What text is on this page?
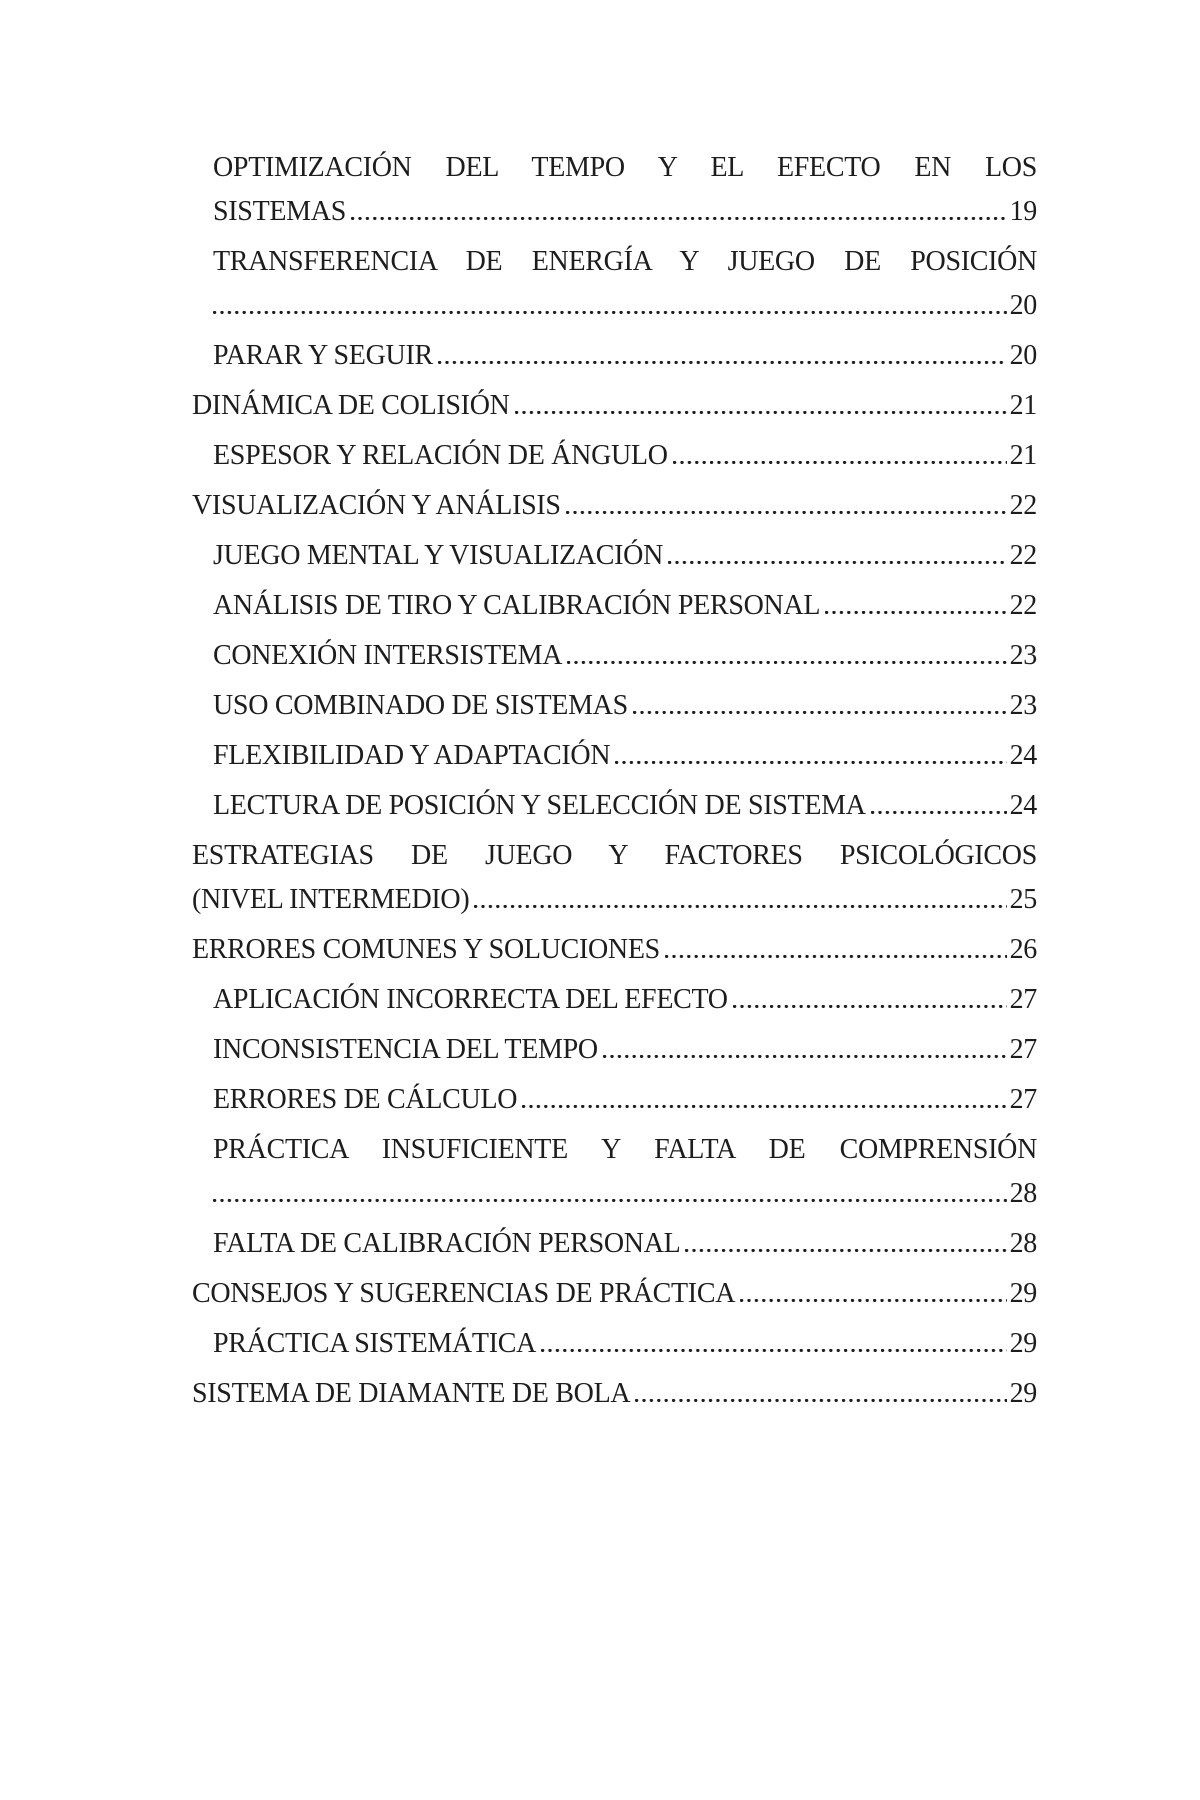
OPTIMIZACIÓN DEL TEMPO Y EL EFECTO EN LOS
SISTEMAS	19
TRANSFERENCIA DE ENERGÍA Y JUEGO DE POSICIÓN
20
PARAR Y SEGUIR	20
DINÁMICA DE COLISIÓN	21
ESPESOR Y RELACIÓN DE ÁNGULO	21
VISUALIZACIÓN Y ANÁLISIS	22
JUEGO MENTAL Y VISUALIZACIÓN	22
ANÁLISIS DE TIRO Y CALIBRACIÓN PERSONAL	22
CONEXIÓN INTERSISTEMA	23
USO COMBINADO DE SISTEMAS	23
FLEXIBILIDAD Y ADAPTACIÓN	24
LECTURA DE POSICIÓN Y SELECCIÓN DE SISTEMA	24
ESTRATEGIAS DE JUEGO Y FACTORES PSICOLÓGICOS
(NIVEL INTERMEDIO)	25
ERRORES COMUNES Y SOLUCIONES	26
APLICACIÓN INCORRECTA DEL EFECTO	27
INCONSISTENCIA DEL TEMPO	27
ERRORES DE CÁLCULO	27
PRÁCTICA INSUFICIENTE Y FALTA DE COMPRENSIÓN
28
FALTA DE CALIBRACIÓN PERSONAL	28
CONSEJOS Y SUGERENCIAS DE PRÁCTICA	29
PRÁCTICA SISTEMÁTICA	29
SISTEMA DE DIAMANTE DE BOLA	29
